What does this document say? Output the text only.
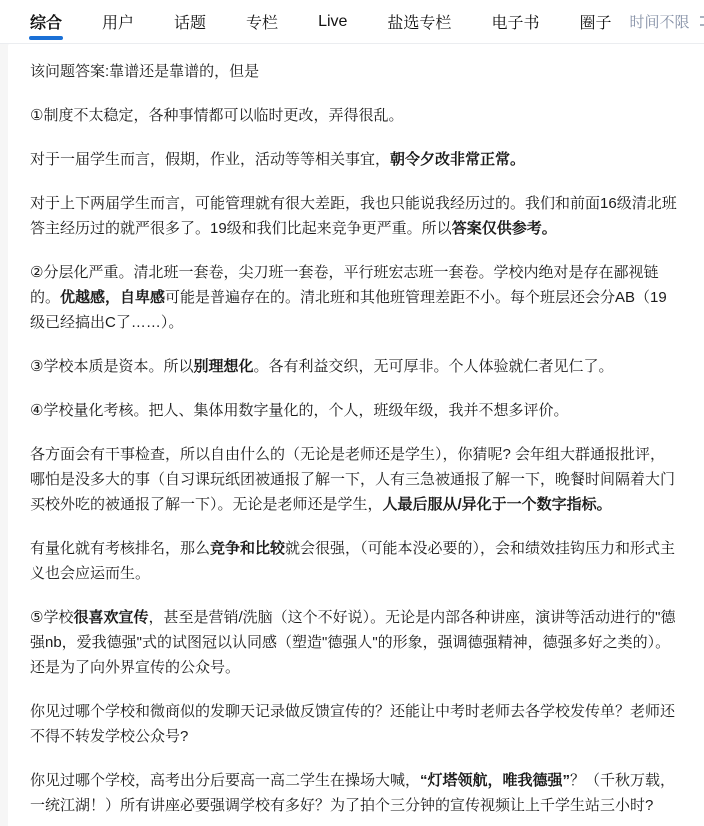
综合	用户	话题	专栏	Live	盐选专栏	电子书	圈子 时间不限

该问题答案:靠谱还是靠谱的，但是

①制度不太稳定，各种事情都可以临时更改，弄得很乱。

对于一届学生而言，假期，作业，活动等等相关事宜，朝令夕改非常正常。

对于上下两届学生而言，可能管理就有很大差距，我也只能说我经历过的。我们和前面16级清北班答主经历过的就严很多了。19级和我们比起来竞争更严重。所以答案仅供参考。

②分层化严重。清北班一套卷，尖刀班一套卷，平行班宏志班一套卷。学校内绝对是存在鄙视链的。优越感，自卑感可能是普遍存在的。清北班和其他班管理差距不小。每个班层还会分AB（19级已经搞出C了……）。

③学校本质是资本。所以别理想化。各有利益交织，无可厚非。个人体验就仁者见仁了。

④学校量化考核。把人、集体用数字量化的，个人，班级年级，我并不想多评价。

各方面会有干事检查，所以自由什么的（无论是老师还是学生），你猜呢? 会年组大群通报批评，哪怕是没多大的事（自习课玩纸团被通报了解一下，人有三急被通报了解一下，晚餐时间隔着大门买校外吃的被通报了解一下）。无论是老师还是学生，人最后服从/异化于一个数字指标。

有量化就有考核排名，那么竞争和比较就会很强，（可能本没必要的），会和绩效挂钩压力和形式主义也会应运而生。

⑤学校很喜欢宣传，甚至是营销/洗脑（这个不好说）。无论是内部各种讲座，演讲等活动进行的"德强nb，爱我德强"式的试图冠以认同感（塑造"德强人"的形象，强调德强精神，德强多好之类的）。还是为了向外界宣传的公众号。

你见过哪个学校和微商似的发聊天记录做反馈宣传的？还能让中考时老师去各学校发传单？老师还不得不转发学校公众号?

你见过哪个学校，高考出分后要高一高二学生在操场大喊，“灯塔领航，唯我德强”？（千秋万载，一统江湖！）所有讲座必要强调学校有多好？为了拍个三分钟的宣传视频让上千学生站三小时?
